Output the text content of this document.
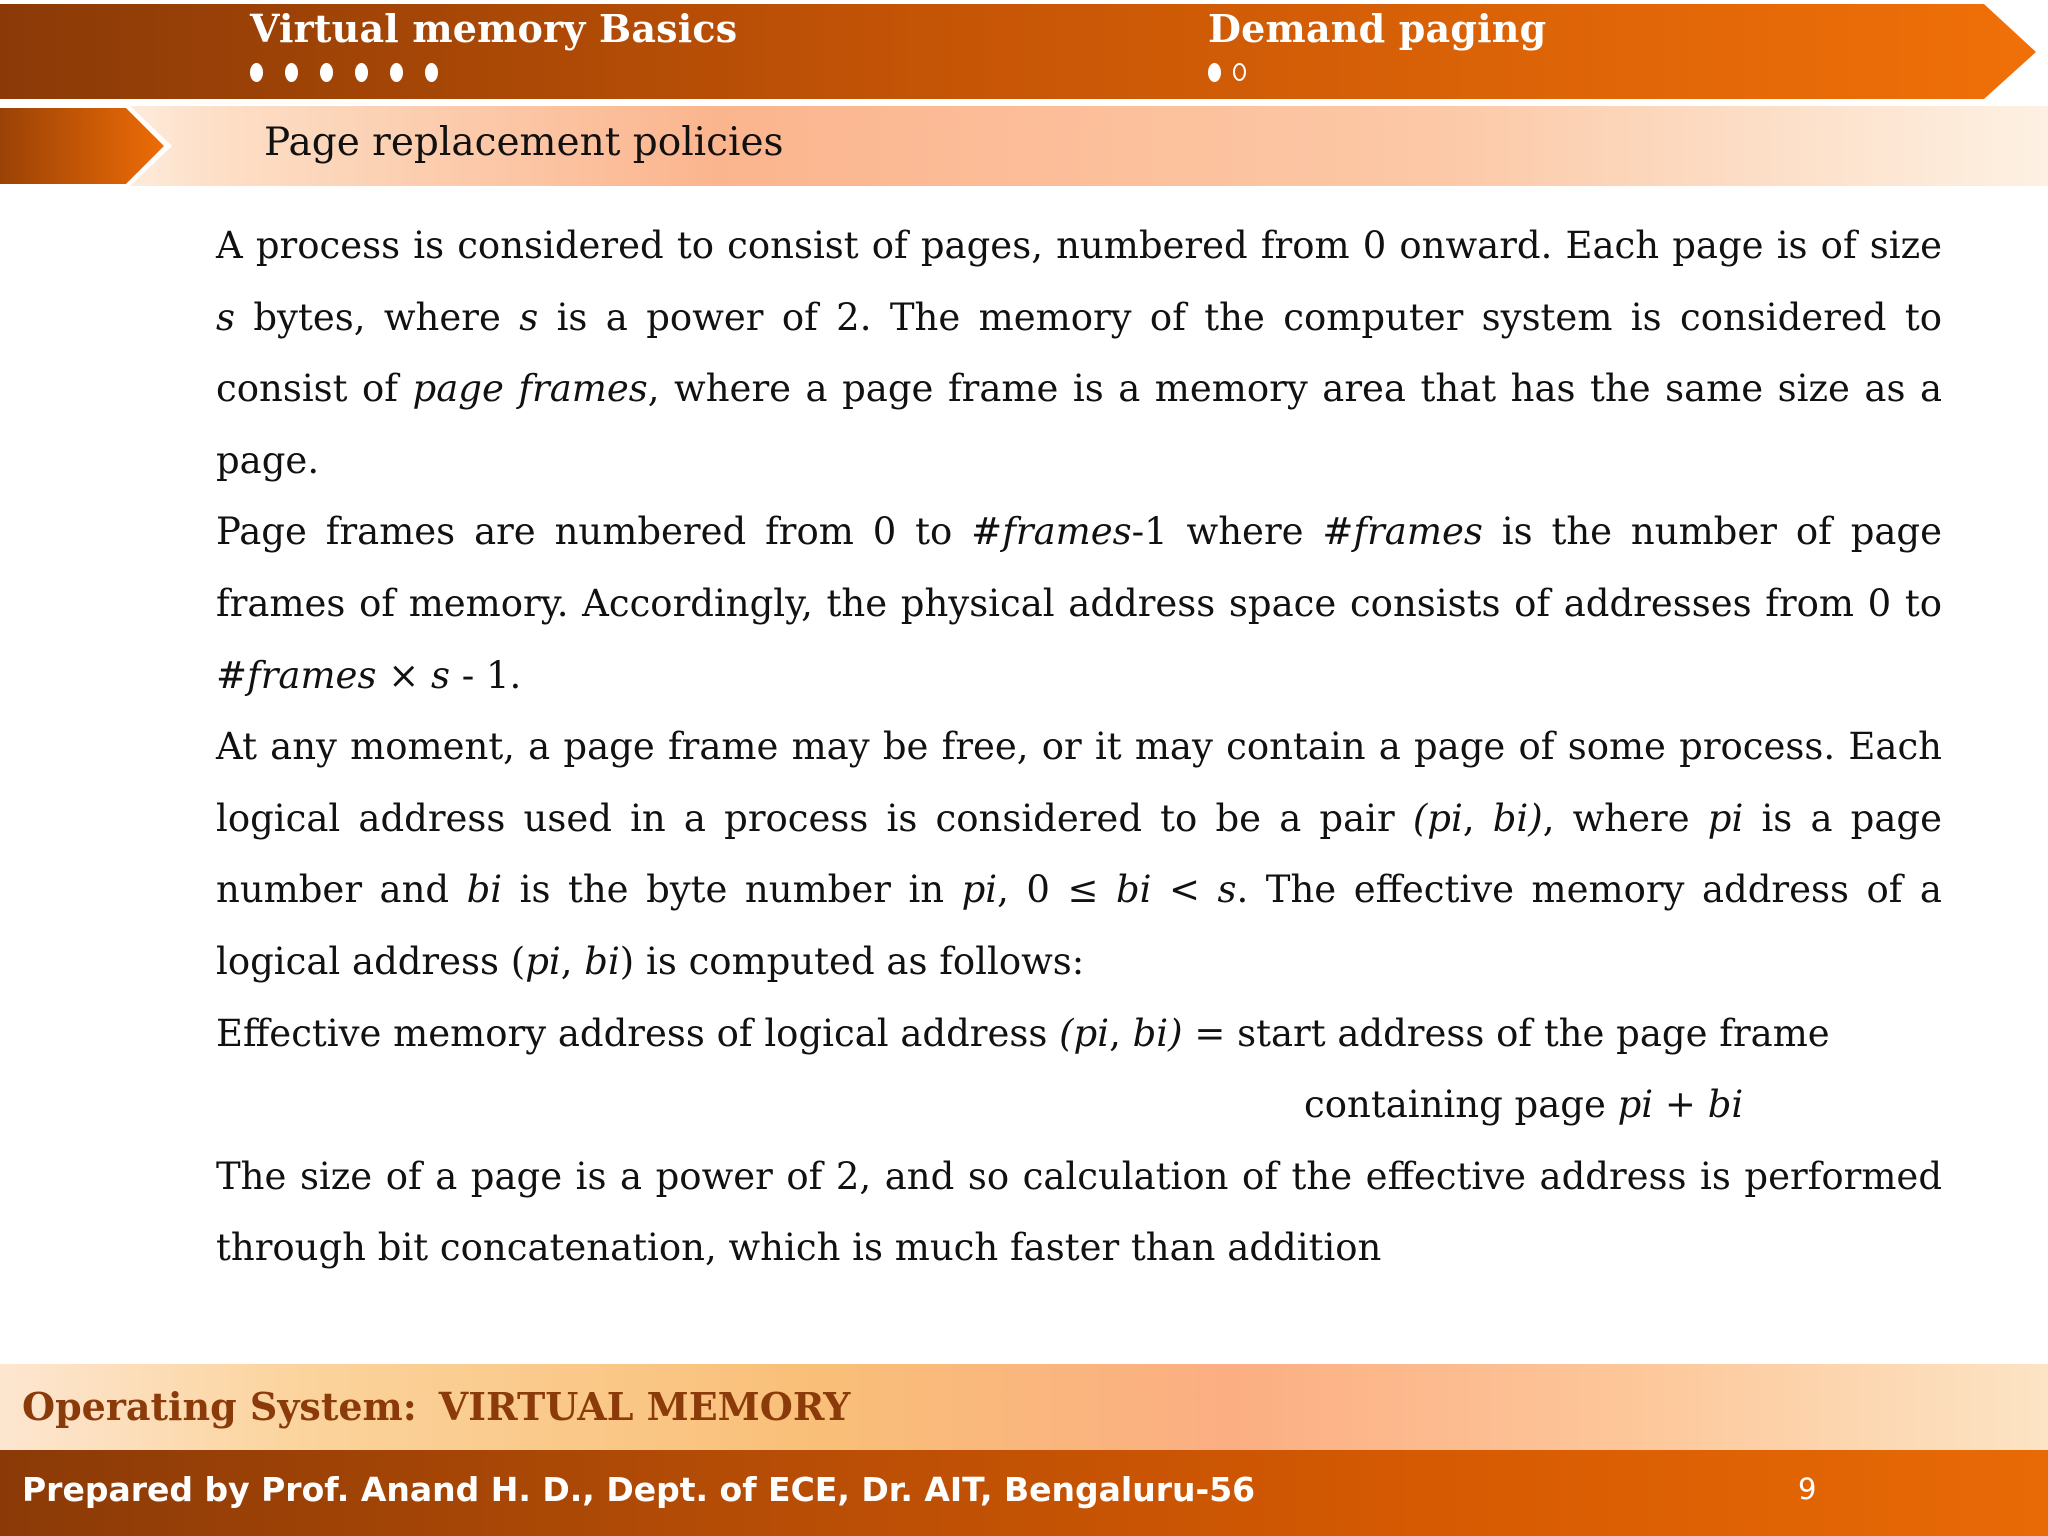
Virtual memory Basics	Demand paging
Page replacement policies

A process is considered to consist of pages, numbered from 0 onward. Each page is of size s bytes, where s is a power of 2. The memory of the computer system is considered to consist of page frames, where a page frame is a memory area that has the same size as a page.

Page frames are numbered from 0 to #frames-1 where #frames is the number of page frames of memory. Accordingly, the physical address space consists of addresses from 0 to #frames × s - 1.

At any moment, a page frame may be free, or it may contain a page of some process. Each logical address used in a process is considered to be a pair (pi, bi), where pi is a page number and bi is the byte number in pi, 0 ≤ bi < s. The effective memory address of a logical address (pi, bi) is computed as follows:

Effective memory address of logical address (pi, bi) = start address of the page frame

containing page pi + bi

The size of a page is a power of 2, and so calculation of the effective address is performed through bit concatenation, which is much faster than addition

Operating System: VIRTUAL MEMORY
Prepared by Prof. Anand H. D., Dept. of ECE, Dr. AIT, Bengaluru-56	9
